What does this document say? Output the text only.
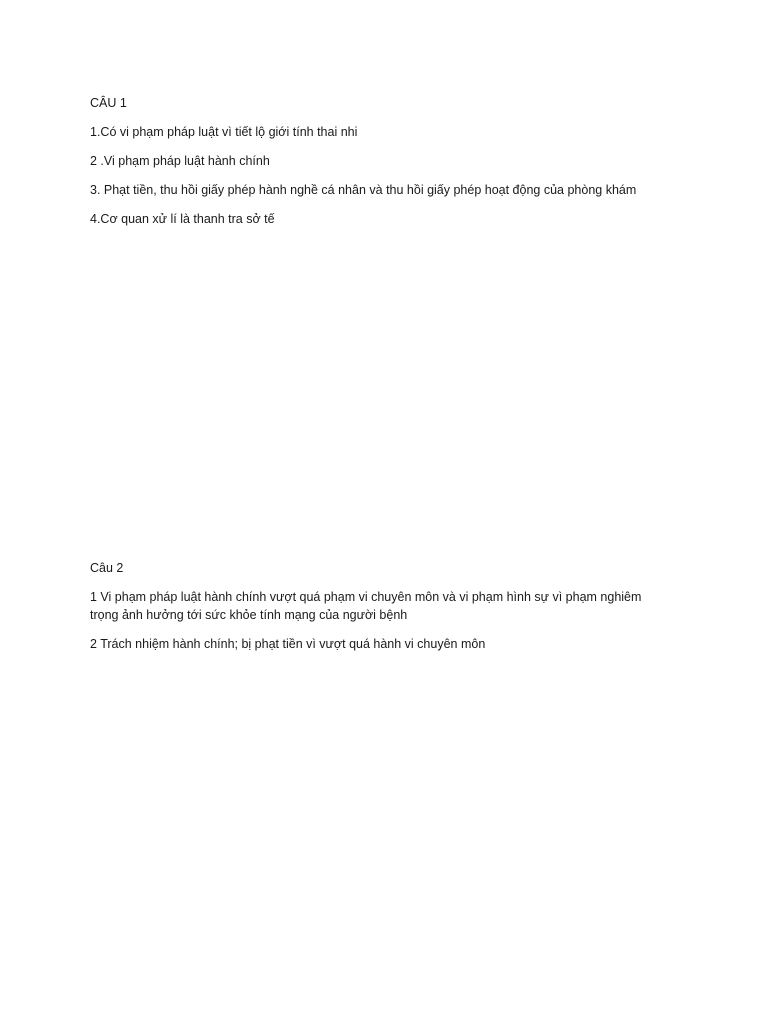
CÂU 1

1.Có vi phạm pháp luật vì tiết lộ giới tính thai nhi

2 .Vi phạm pháp luật hành chính

3. Phạt tiền, thu hồi giấy phép hành nghề cá nhân và thu hồi giấy phép hoạt động của phòng khám

4.Cơ quan xử lí là thanh tra sở tế

Câu 2

1 Vi phạm pháp luật hành chính vượt quá phạm vi chuyên môn và vi phạm hình sự vì phạm nghiêm trọng ảnh hưởng tới sức khỏe tính mạng của người bệnh

2 Trách nhiệm hành chính; bị phạt tiền vì vượt quá hành vi chuyên môn
